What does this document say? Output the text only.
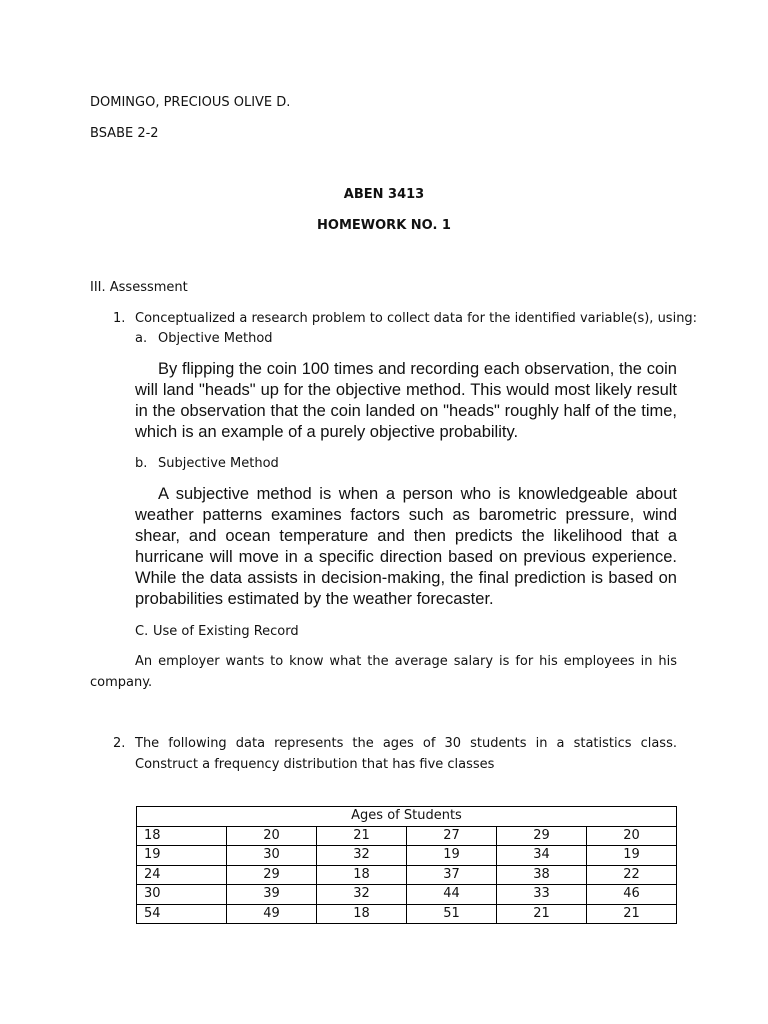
DOMINGO, PRECIOUS OLIVE D.
BSABE 2-2
ABEN 3413
HOMEWORK NO. 1
III. Assessment
1. Conceptualized a research problem to collect data for the identified variable(s), using:
a. Objective Method
By flipping the coin 100 times and recording each observation, the coin will land "heads" up for the objective method. This would most likely result in the observation that the coin landed on "heads" roughly half of the time, which is an example of a purely objective probability.
b. Subjective Method
A subjective method is when a person who is knowledgeable about weather patterns examines factors such as barometric pressure, wind shear, and ocean temperature and then predicts the likelihood that a hurricane will move in a specific direction based on previous experience. While the data assists in decision-making, the final prediction is based on probabilities estimated by the weather forecaster.
C. Use of Existing Record
An employer wants to know what the average salary is for his employees in his company.
2. The following data represents the ages of 30 students in a statistics class. Construct a frequency distribution that has five classes
Ages of Students					
18	20	21	27	29	20
19	30	32	19	34	19
24	29	18	37	38	22
30	39	32	44	33	46
54	49	18	51	21	21
